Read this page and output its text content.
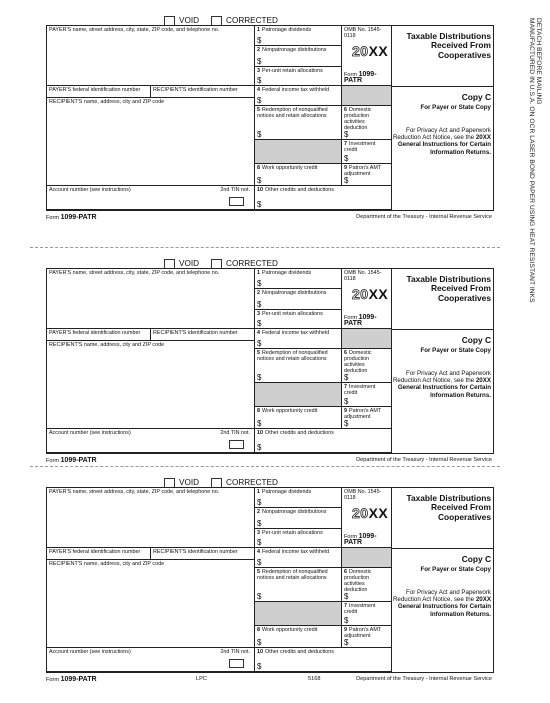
DETACH BEFORE MAILING
MANUFACTURED IN U.S.A. ON OCR LASER BOND PAPER USING HEAT RESISTANT INKS
VOID	CORRECTED
PAYER'S name, street address, city, state, ZIP code, and telephone no.
PAYER'S federal identification number	RECIPIENT'S identification number
RECIPIENT'S name, address, city and ZIP code
Account number (see instructions)	2nd TIN not.
1 Patronage dividends
$
2 Nonpatronage distributions
$
3 Per-unit retain allocations
$
OMB No. 1545-0118
20XX
Form 1099-PATR
4 Federal income tax withheld
$
5 Redemption of nonqualified notices and retain allocations
$
6 Domestic production activities deduction
$
7 Investment credit
$
8 Work opportunity credit
$
9 Patron's AMT adjustment
$
10 Other credits and deductions
$
Taxable Distributions Received From Cooperatives
Copy C
For Payer or State Copy
For Privacy Act and Paperwork Reduction Act Notice, see the 20XX General Instructions for Certain Information Returns.
Form 1099-PATR	Department of the Treasury - Internal Revenue Service
VOID	CORRECTED
PAYER'S name, street address, city, state, ZIP code, and telephone no.
PAYER'S federal identification number	RECIPIENT'S identification number
RECIPIENT'S name, address, city and ZIP code
Account number (see instructions)	2nd TIN not.
1 Patronage dividends
$
2 Nonpatronage distributions
$
3 Per-unit retain allocations
$
OMB No. 1545-0118
20XX
Form 1099-PATR
4 Federal income tax withheld
$
5 Redemption of nonqualified notices and retain allocations
$
6 Domestic production activities deduction
$
7 Investment credit
$
8 Work opportunity credit
$
9 Patron's AMT adjustment
$
10 Other credits and deductions
$
Taxable Distributions Received From Cooperatives
Copy C
For Payer or State Copy
For Privacy Act and Paperwork Reduction Act Notice, see the 20XX General Instructions for Certain Information Returns.
Form 1099-PATR	Department of the Treasury - Internal Revenue Service
VOID	CORRECTED
PAYER'S name, street address, city, state, ZIP code, and telephone no.
PAYER'S federal identification number	RECIPIENT'S identification number
RECIPIENT'S name, address, city and ZIP code
Account number (see instructions)	2nd TIN not.
1 Patronage dividends
$
2 Nonpatronage distributions
$
3 Per-unit retain allocations
$
OMB No. 1545-0118
20XX
Form 1099-PATR
4 Federal income tax withheld
$
5 Redemption of nonqualified notices and retain allocations
$
6 Domestic production activities deduction
$
7 Investment credit
$
8 Work opportunity credit
$
9 Patron's AMT adjustment
$
10 Other credits and deductions
$
Taxable Distributions Received From Cooperatives
Copy C
For Payer or State Copy
For Privacy Act and Paperwork Reduction Act Notice, see the 20XX General Instructions for Certain Information Returns.
Form 1099-PATR	LPC	5168	Department of the Treasury - Internal Revenue Service
